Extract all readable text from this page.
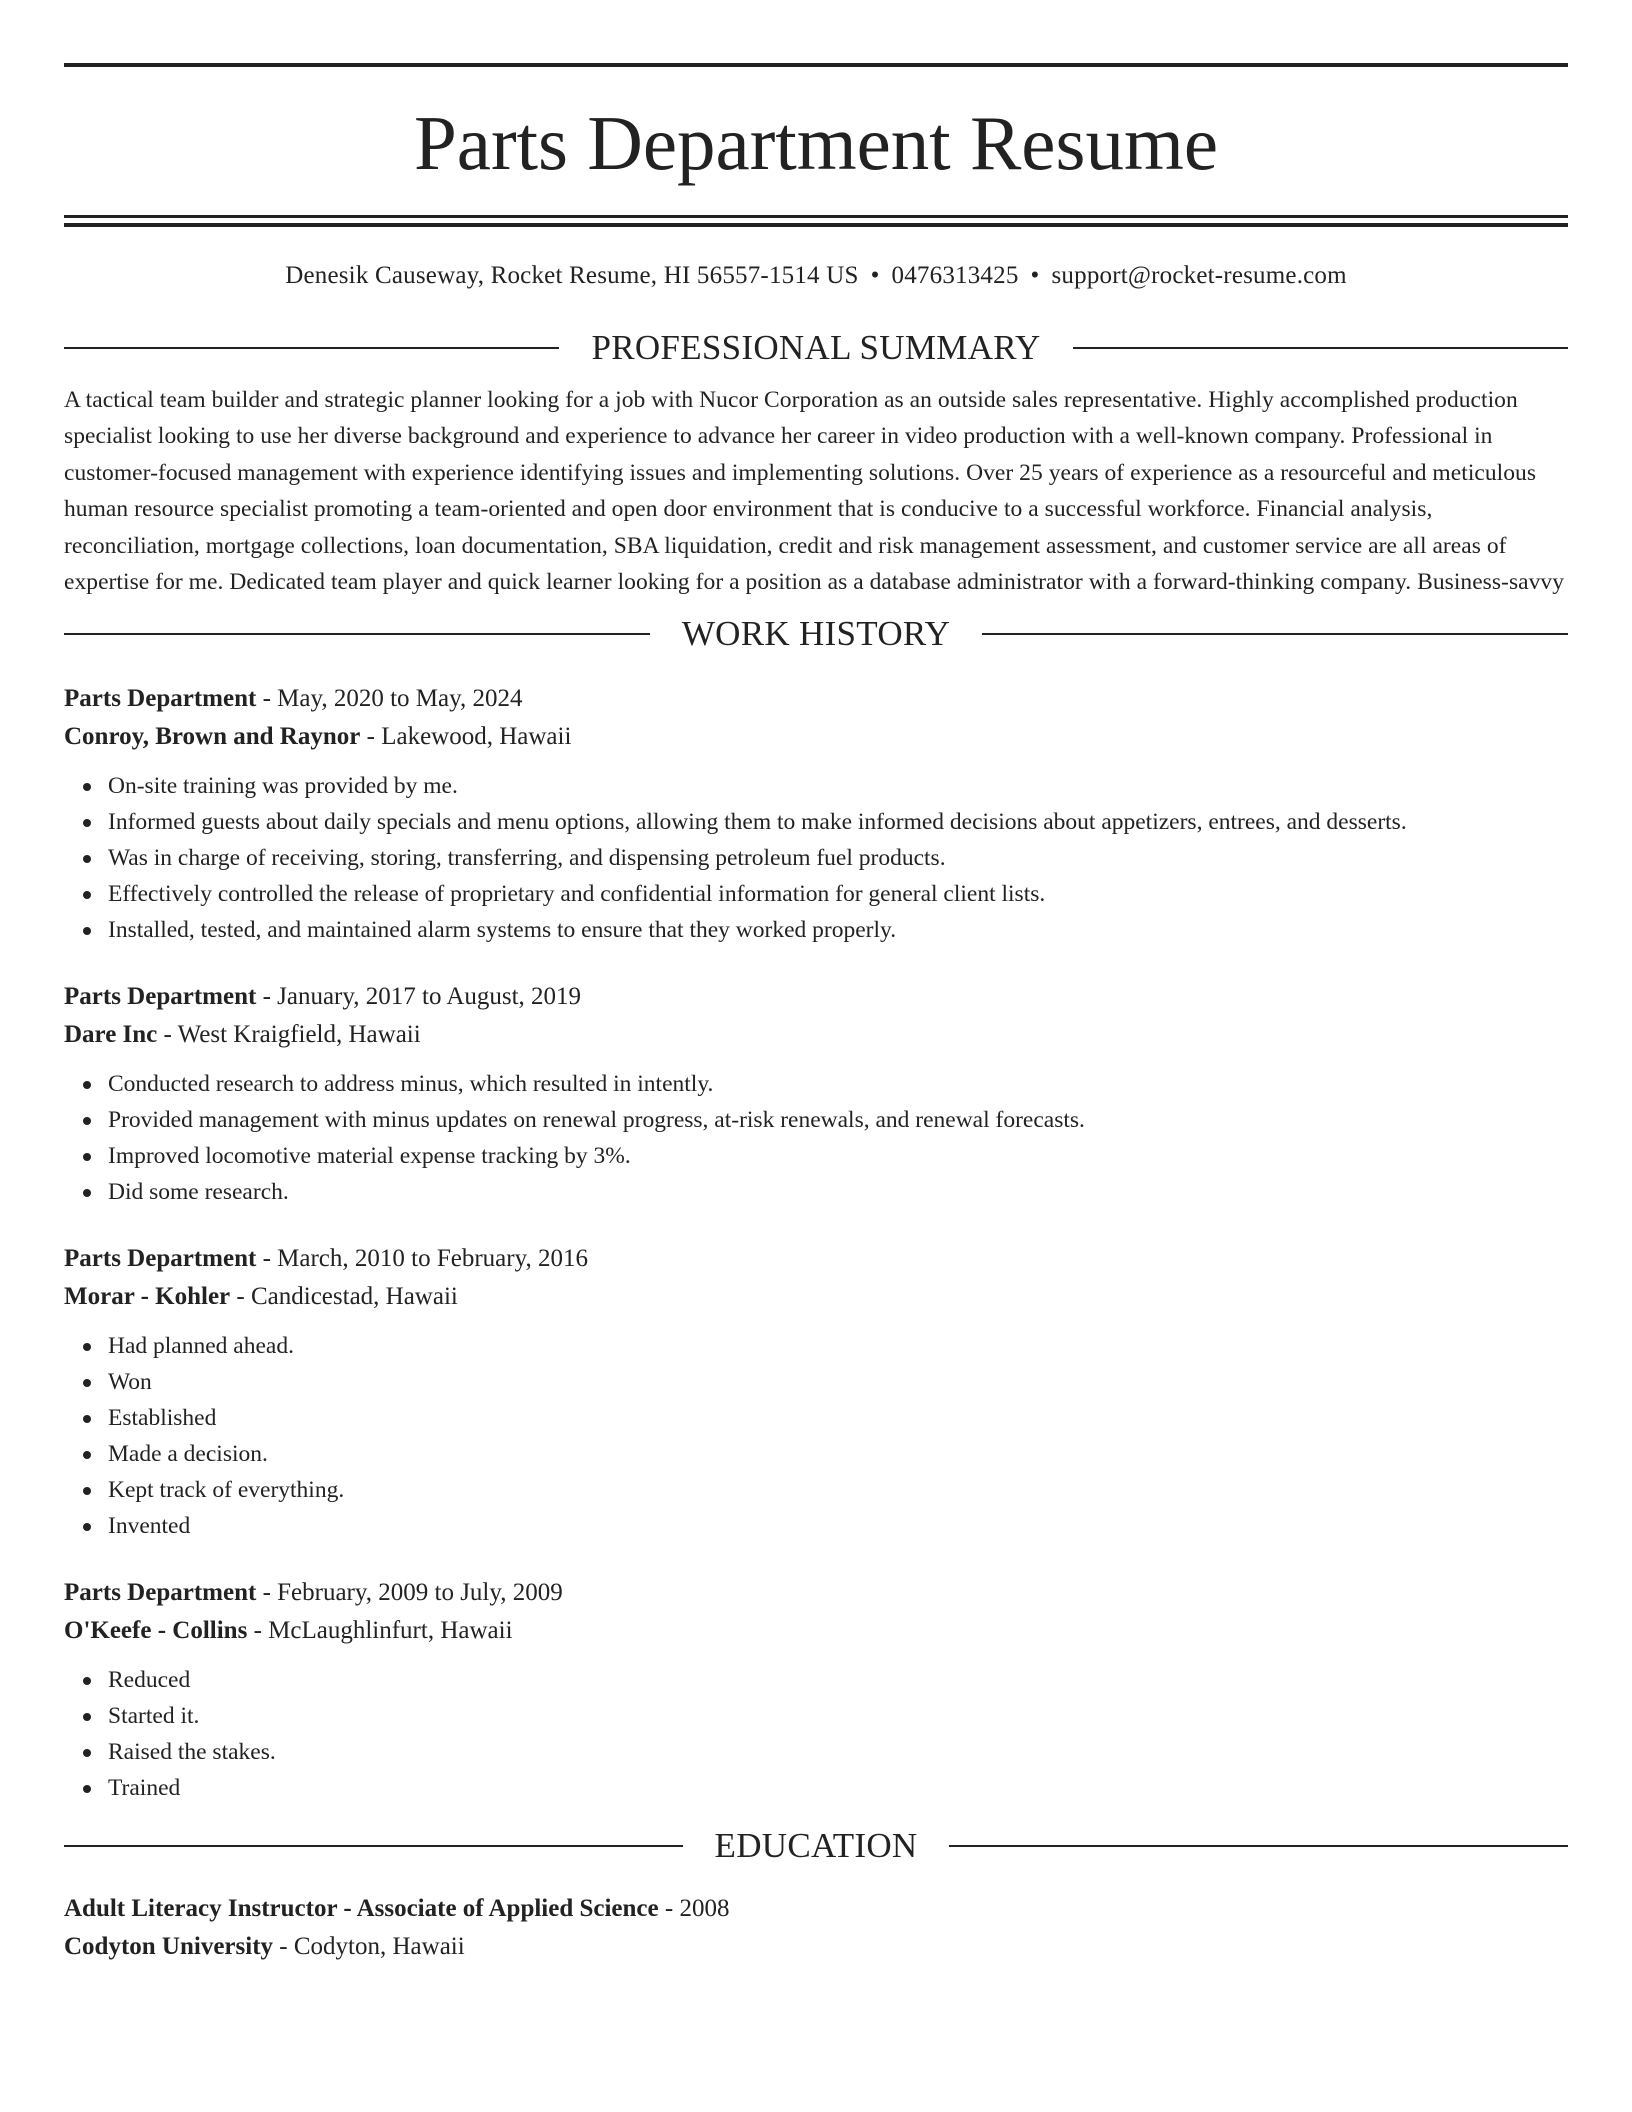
Parts Department Resume
Denesik Causeway, Rocket Resume, HI 56557-1514 US • 0476313425 • support@rocket-resume.com
PROFESSIONAL SUMMARY
A tactical team builder and strategic planner looking for a job with Nucor Corporation as an outside sales representative. Highly accomplished production specialist looking to use her diverse background and experience to advance her career in video production with a well-known company. Professional in customer-focused management with experience identifying issues and implementing solutions. Over 25 years of experience as a resourceful and meticulous human resource specialist promoting a team-oriented and open door environment that is conducive to a successful workforce. Financial analysis, reconciliation, mortgage collections, loan documentation, SBA liquidation, credit and risk management assessment, and customer service are all areas of expertise for me. Dedicated team player and quick learner looking for a position as a database administrator with a forward-thinking company. Business-savvy
WORK HISTORY
Parts Department - May, 2020 to May, 2024
Conroy, Brown and Raynor - Lakewood, Hawaii
On-site training was provided by me.
Informed guests about daily specials and menu options, allowing them to make informed decisions about appetizers, entrees, and desserts.
Was in charge of receiving, storing, transferring, and dispensing petroleum fuel products.
Effectively controlled the release of proprietary and confidential information for general client lists.
Installed, tested, and maintained alarm systems to ensure that they worked properly.
Parts Department - January, 2017 to August, 2019
Dare Inc - West Kraigfield, Hawaii
Conducted research to address minus, which resulted in intently.
Provided management with minus updates on renewal progress, at-risk renewals, and renewal forecasts.
Improved locomotive material expense tracking by 3%.
Did some research.
Parts Department - March, 2010 to February, 2016
Morar - Kohler - Candicestad, Hawaii
Had planned ahead.
Won
Established
Made a decision.
Kept track of everything.
Invented
Parts Department - February, 2009 to July, 2009
O'Keefe - Collins - McLaughlinfurt, Hawaii
Reduced
Started it.
Raised the stakes.
Trained
EDUCATION
Adult Literacy Instructor - Associate of Applied Science - 2008
Codyton University - Codyton, Hawaii
